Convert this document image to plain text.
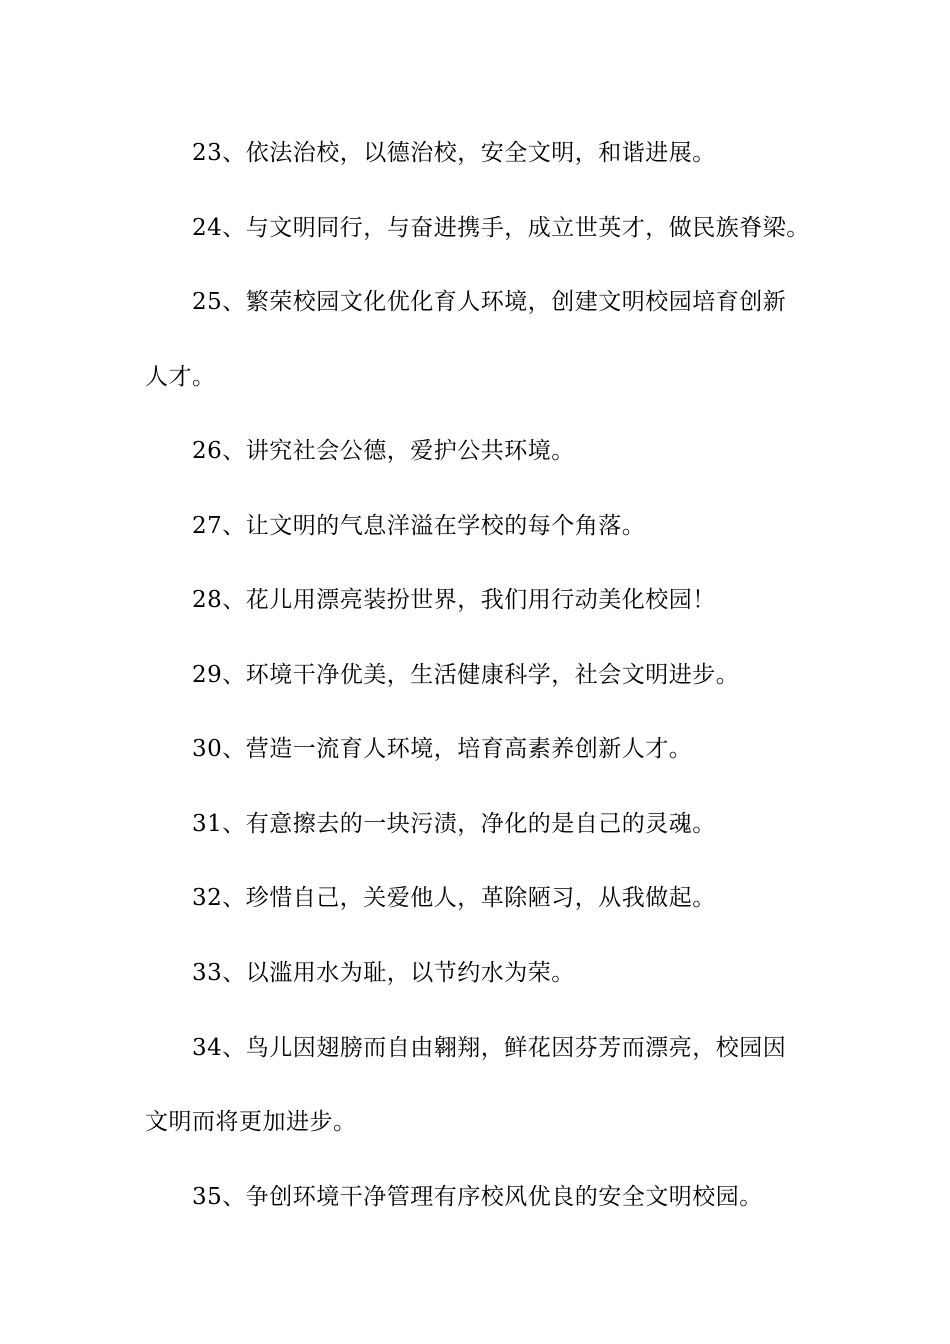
23、依法治校，以德治校，安全文明，和谐进展。

24、与文明同行，与奋进携手，成立世英才，做民族脊梁。

25、繁荣校园文化优化育人环境，创建文明校园培育创新

人才。

26、讲究社会公德，爱护公共环境。

27、让文明的气息洋溢在学校的每个角落。

28、花儿用漂亮装扮世界，我们用行动美化校园！

29、环境干净优美，生活健康科学，社会文明进步。

30、营造一流育人环境，培育高素养创新人才。

31、有意擦去的一块污渍，净化的是自己的灵魂。

32、珍惜自己，关爱他人，革除陋习，从我做起。

33、以滥用水为耻，以节约水为荣。

34、鸟儿因翅膀而自由翱翔，鲜花因芬芳而漂亮，校园因

文明而将更加进步。

35、争创环境干净管理有序校风优良的安全文明校园。
